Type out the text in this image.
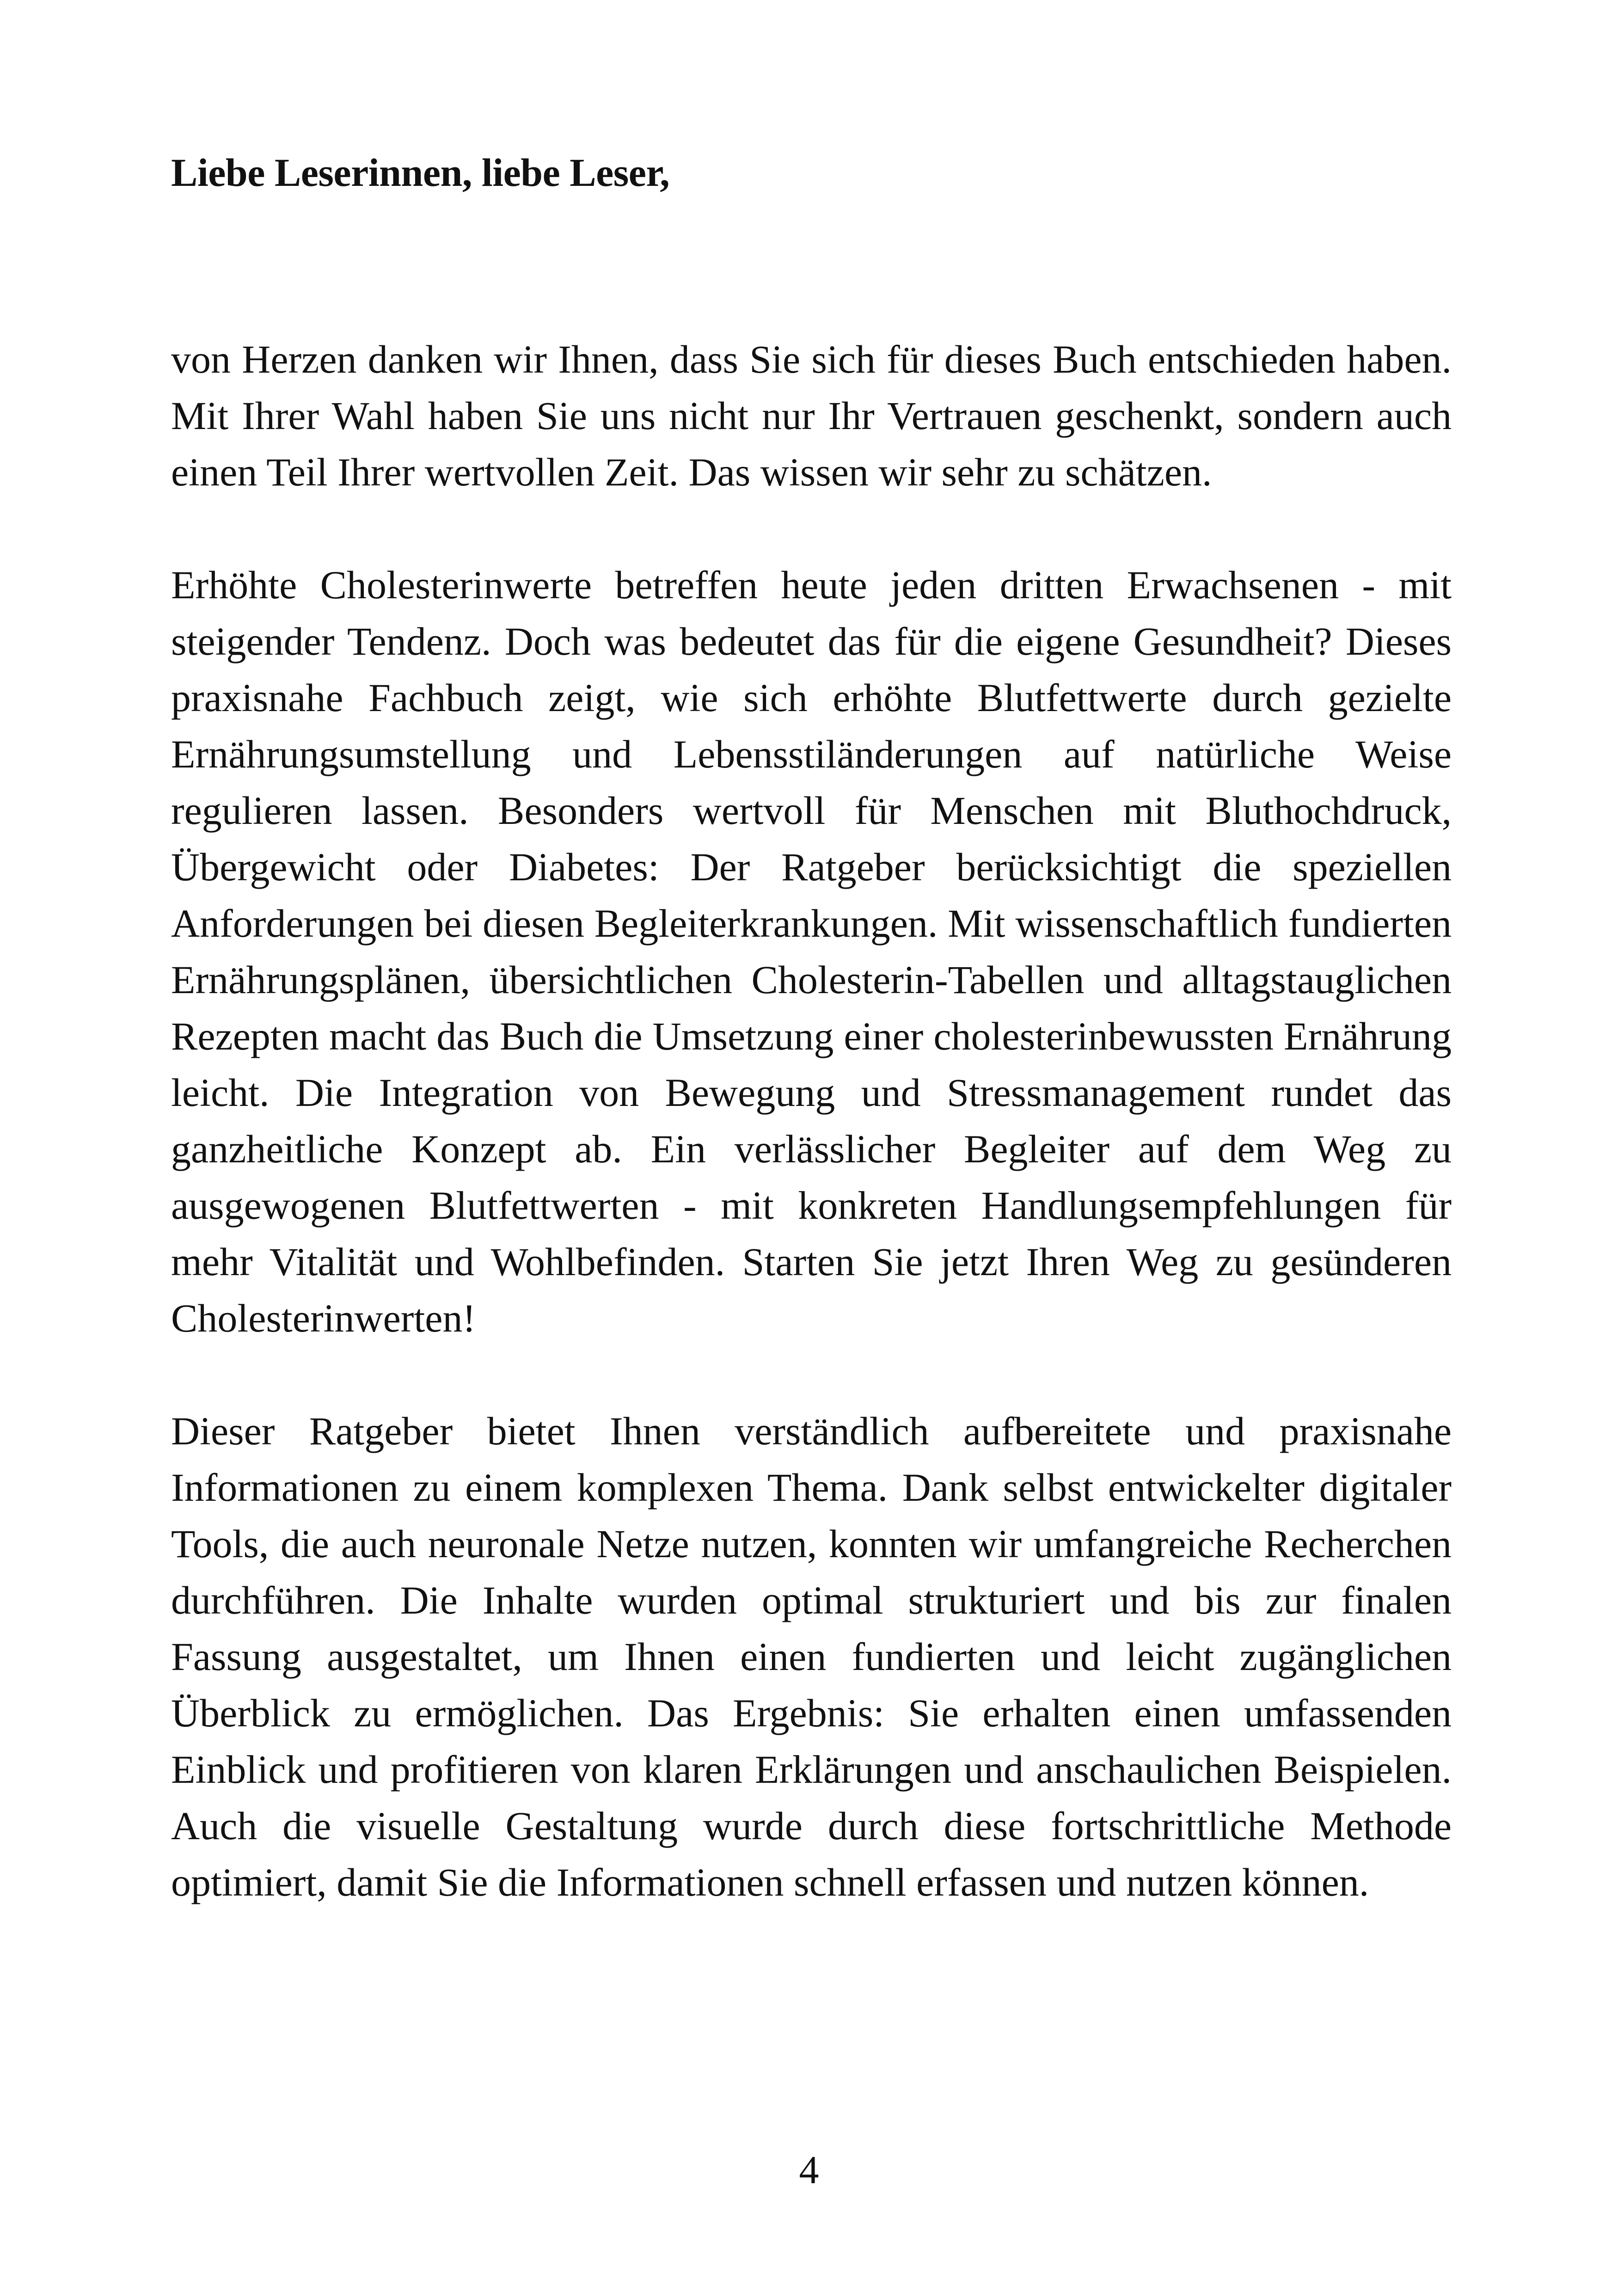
Liebe Leserinnen, liebe Leser,

von Herzen danken wir Ihnen, dass Sie sich für dieses Buch entschieden haben. Mit Ihrer Wahl haben Sie uns nicht nur Ihr Vertrauen geschenkt, sondern auch einen Teil Ihrer wertvollen Zeit. Das wissen wir sehr zu schätzen.

Erhöhte Cholesterinwerte betreffen heute jeden dritten Erwachsenen - mit steigender Tendenz. Doch was bedeutet das für die eigene Gesundheit? Dieses praxisnahe Fachbuch zeigt, wie sich erhöhte Blutfettwerte durch gezielte Ernährungsumstellung und Lebensstiländerungen auf natürliche Weise regulieren lassen. Besonders wertvoll für Menschen mit Bluthochdruck, Übergewicht oder Diabetes: Der Ratgeber berücksichtigt die speziellen Anforderungen bei diesen Begleiterkrankungen. Mit wissenschaftlich fundierten Ernährungsplänen, übersichtlichen Cholesterin-Tabellen und alltagstauglichen Rezepten macht das Buch die Umsetzung einer cholesterinbewussten Ernährung leicht. Die Integration von Bewegung und Stressmanagement rundet das ganzheitliche Konzept ab. Ein verlässlicher Begleiter auf dem Weg zu ausgewogenen Blutfettwerten - mit konkreten Handlungsempfehlungen für mehr Vitalität und Wohlbefinden. Starten Sie jetzt Ihren Weg zu gesünderen Cholesterinwerten!

Dieser Ratgeber bietet Ihnen verständlich aufbereitete und praxisnahe Informationen zu einem komplexen Thema. Dank selbst entwickelter digitaler Tools, die auch neuronale Netze nutzen, konnten wir umfangreiche Recherchen durchführen. Die Inhalte wurden optimal strukturiert und bis zur finalen Fassung ausgestaltet, um Ihnen einen fundierten und leicht zugänglichen Überblick zu ermöglichen. Das Ergebnis: Sie erhalten einen umfassenden Einblick und profitieren von klaren Erklärungen und anschaulichen Beispielen. Auch die visuelle Gestaltung wurde durch diese fortschrittliche Methode optimiert, damit Sie die Informationen schnell erfassen und nutzen können.

4
